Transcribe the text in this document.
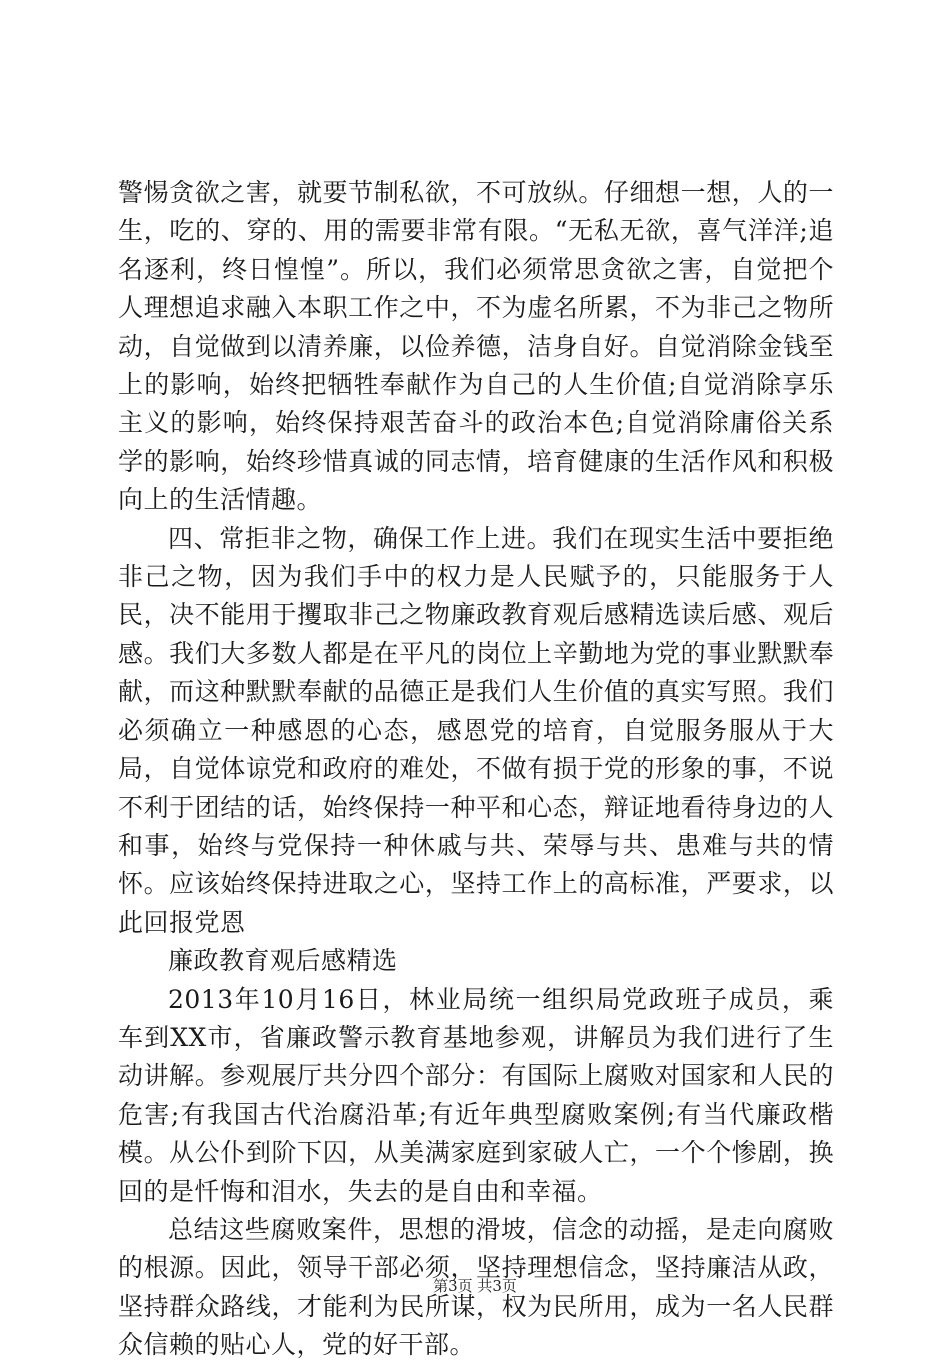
警惕贪欲之害，就要节制私欲，不可放纵。仔细想一想，人的一生，吃的、穿的、用的需要非常有限。“无私无欲，喜气洋洋;追名逐利，终日惶惶”。所以，我们必须常思贪欲之害，自觉把个人理想追求融入本职工作之中，不为虚名所累，不为非己之物所动，自觉做到以清养廉，以俭养德，洁身自好。自觉消除金钱至上的影响，始终把牺牲奉献作为自己的人生价值;自觉消除享乐主义的影响，始终保持艰苦奋斗的政治本色;自觉消除庸俗关系学的影响，始终珍惜真诚的同志情，培育健康的生活作风和积极向上的生活情趣。

四、常拒非之物，确保工作上进。我们在现实生活中要拒绝非己之物，因为我们手中的权力是人民赋予的，只能服务于人民，决不能用于攫取非己之物廉政教育观后感精选读后感、观后感。我们大多数人都是在平凡的岗位上辛勤地为党的事业默默奉献，而这种默默奉献的品德正是我们人生价值的真实写照。我们必须确立一种感恩的心态，感恩党的培育，自觉服务服从于大局，自觉体谅党和政府的难处，不做有损于党的形象的事，不说不利于团结的话，始终保持一种平和心态，辩证地看待身边的人和事，始终与党保持一种休戚与共、荣辱与共、患难与共的情怀。应该始终保持进取之心，坚持工作上的高标准，严要求，以此回报党恩

廉政教育观后感精选

2013年10月16日，林业局统一组织局党政班子成员，乘车到XX市，省廉政警示教育基地参观，讲解员为我们进行了生动讲解。参观展厅共分四个部分：有国际上腐败对国家和人民的危害;有我国古代治腐沿革;有近年典型腐败案例;有当代廉政楷模。从公仆到阶下囚，从美满家庭到家破人亡，一个个惨剧，换回的是忏悔和泪水，失去的是自由和幸福。

总结这些腐败案件，思想的滑坡，信念的动摇，是走向腐败的根源。因此，领导干部必须，坚持理想信念，坚持廉洁从政，坚持群众路线，才能利为民所谋，权为民所用，成为一名人民群众信赖的贴心人，党的好干部。

第3页 共3页
